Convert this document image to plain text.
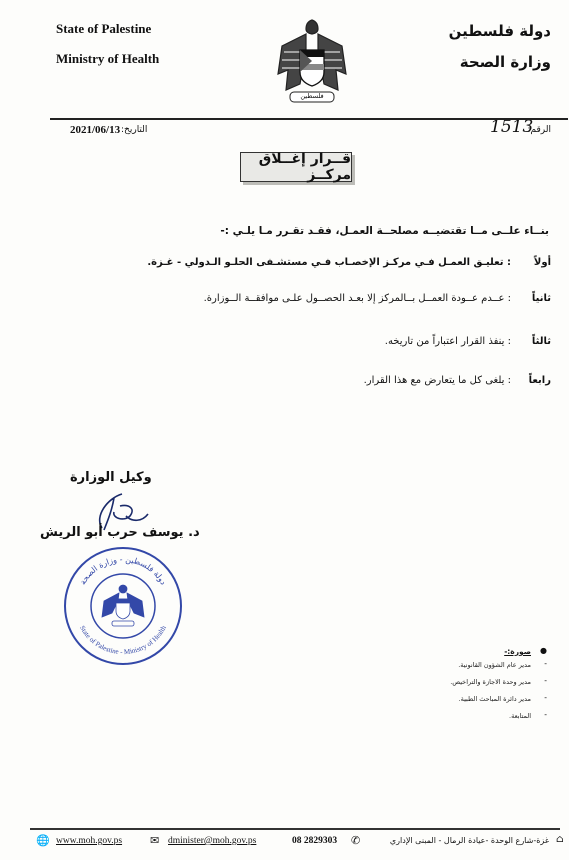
State of Palestine
Ministry of Health
دولة فلسطين
وزارة الصحة
فلسطين
الرقم:
1513
التاريخ:
2021/06/13
قــرار إغــلاق مركــز
بنــاء علــى مــا تقتضيــه مصلحــة العمـل، فقـد تقـرر مـا يلـي :-
أولاً
: تعليـق العمـل فـي مركـز الإخصـاب فـي مستشـفى الحلـو الـدولي - غـزة.
ثانياً
: عــدم عــودة العمــل بــالمركز إلا بعـد الحصــول علـى موافقــة الــوزارة.
ثالثاً
: ينفذ القرار اعتباراً من تاريخه.
رابعاً
: يلغى كل ما يتعارض مع هذا القرار.
وكيل الوزارة
د. يوسف حرب أبو الريش
دولة فلسطين - وزارة الصحة
State of Palestine - Ministry of Health
●
صورة:-
-
مدير عام الشؤون القانونية.
-
مدير وحدة الاجازة والتراخيص.
-
مدير دائرة المباحث الطبية.
-
المتابعة.
🌐 www.moh.gov.ps	✉ dminister@moh.gov.ps	08 2829303 ✆	غزة-شارع الوحدة -عيادة الرمال - المبنى الإداري ⌂
